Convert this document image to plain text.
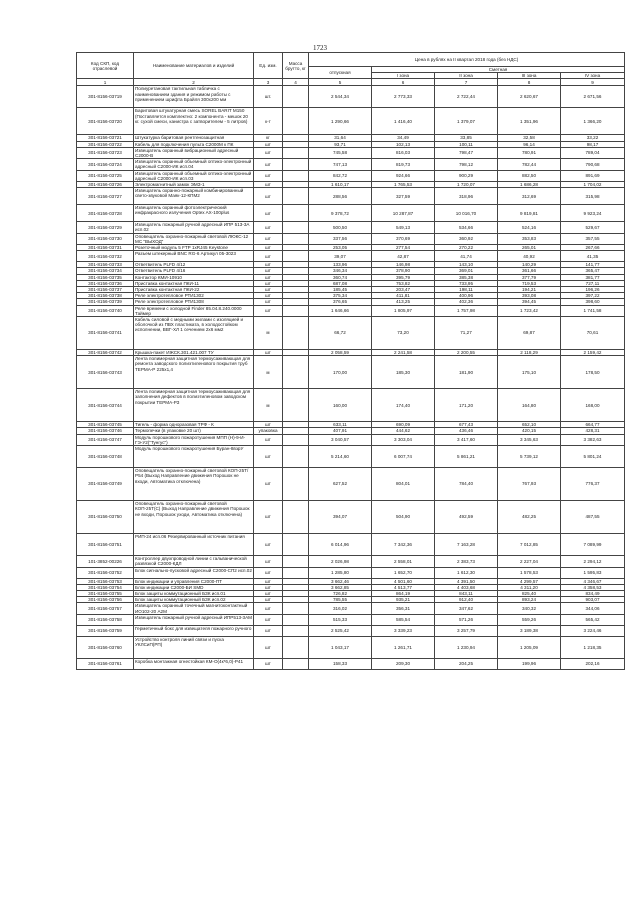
1723
Код СКП, код отраслевой	Наименование материалов и изделий	Ед. изм.	Масса брутто, кг	Цена в рублях на II квартал 2018 года (без НДС)				
				отпускная	Сметная			
					I зона	II зона	III зона	IV зона
1	2	3	4	5	6	7	8	9
301-8156-03719	Полиуретановая тактильная табличка с наименованием здания и режимом работы с применением шрифта Брайля 300х200 мм	шт.		2 544,34	2 773,33	2 722,44	2 620,67	2 671,56
301-8156-03720	Баритовая штукатурная смесь SOREL BARIT M150 (Поставляется комплектно: 2 компонента - мешок 20 кг. сухой смеси, канистра с затворителем - 5 литров)	к-т		1 290,66	1 416,40	1 379,07	1 351,96	1 366,20
301-8156-03721	Штукатурка баритовая рентгенозащитная	кг		31,64	34,49	33,85	32,58	33,22
301-8156-03722	Кабель для подключения пульта С2000М к ПК	шт		93,71	102,13	100,11	96,14	98,17
301-8156-03723	Извещатель охранный вибрационный адресный С2000-В	шт		745,58	816,03	798,47	780,91	789,04
301-8156-03724	Извещатель охранный объемный оптико-электронный адресный С2000-ИК исп.04	шт		747,13	819,73	798,12	782,44	790,68
301-8156-03725	Извещатель охранный объемный оптико-электронный адресный С2000-ИК исп.03	шт		842,72	924,66	900,29	882,50	891,69
301-8156-03726	Электромагнитный замок ЭМЗ-1	шт		1 610,17	1 765,53	1 720,07	1 686,28	1 704,02
301-8156-03727	Извещатель охранно-пожарный комбинированный свето-звуковой Маяк-12-КПМ2	шт		288,56	327,59	318,96	312,69	315,98
301-8156-03728	Извещатель охранный фотоэлектрический инфракрасного излучения Optex AX-100plus	шт		9 378,72	10 287,87	10 016,70	9 819,81	9 923,24
301-8156-03729	Извещатель пожарный ручной адресный ИПР 513-3А исп.02	шт		500,50	549,13	534,66	524,16	529,67
301-8156-03730	Оповещатель охранно-пожарный световой ЛЮКС-12 МС "ВЫХОД"	шт		337,56	370,69	360,92	353,83	357,55
301-8156-03731	Розеточный модуль 5 FTP 1xRJ45 Keystone	шт		253,05	277,54	270,22	265,01	267,66
301-8156-03732	Разъем штекерный BNC RG-6 Артикул 05-3023	шт		39,07	42,87	41,74	40,92	41,35
301-8156-03733	Ответвитель PLFD 4/12	шт		133,96	146,98	143,10	140,29	141,77
301-8156-03734	Ответвитель PLFD 4/16	шт		346,34	378,90	369,01	361,66	365,47
301-8156-03735	Контактор КМИ-10910	шт		360,74	395,79	385,38	377,79	381,77
301-8156-03736	Приставка контактная ПКИ-11	шт		687,08	753,82	733,95	719,53	727,11
301-8156-03737	Приставка контактная ПКИ-22	шт		185,45	203,47	198,11	194,21	196,26
301-8156-03738	Реле электротепловое РТИ1302	шт		375,34	411,81	400,96	393,08	397,22
301-8156-03739	Реле электротепловое РТИ1308	шт		376,65	413,25	402,36	394,45	398,60
301-8156-03740	Реле времени с холодной Finder 85.04.8.240.0000 Таймер	шт		1 646,66	1 805,97	1 757,98	1 723,42	1 741,58
301-8156-03741	Кабель силовой с медными жилами с изоляцией и оболочкой из ПВХ пластиката, в холодостойком исполнении, ВВГ-ХЛ 1 сечением 2х6 мм2	м		66,72	73,20	71,27	69,87	70,61
301-8156-03742	Крышка-пакет ИЖСК.301.421.007 ТУ	шт		2 058,59	2 241,58	2 200,55	2 118,29	2 159,42
301-8156-03743	Лента полимерная защитная термоусаживающая для ремонта заводского полиэтиленового покрытия труб ТЕРМА-Р 225х1,4	м		170,00	185,30	181,90	175,10	178,50
301-8156-03744	Лента полимерная защитная термоусаживающая для заполнения дефектов в полиэтиленовом заводском покрытии ТЕРМА-РЗ	м		160,00	174,40	171,20	164,80	168,00
301-8156-03745	Тигель - форма одноразовая ТРФ - К	шт		633,11	690,09	677,43	652,10	664,77
301-8156-03746	Термопечки (в упаковке 20 шт)	упаковка		407,91	444,62	436,46	420,15	428,31
301-8156-03747	Модуль порошкового пожаротушения МПП (Н)-9-И-ГЭ-У2("Тунгус")	шт		3 040,57	3 303,04	3 417,60	3 345,63	3 382,63
301-8156-03748	Модуль порошкового пожаротушения Буран-8взрУ	шт		5 214,60	6 007,74	5 861,21	5 739,12	5 801,24
301-8156-03749	Оповещатель охранно-пожарный световой КОП-25Т/Р54 (Выход Направление движения Порошок не входи, Автоматика отключена)	шт		627,52	804,01	784,40	767,93	776,37
301-8156-03750	Оповещатель охранно-пожарный световой КОП-25Т(С) (Выход Направление движения Порошок не входи, Порошок уходи, Автоматика отключена)	шт		394,07	504,90	492,59	482,25	487,55
301-8156-03751	РИП-24 исп.06 Резервированный источник питания	шт		6 014,96	7 342,36	7 163,28	7 012,85	7 089,99
101-3852-00226	Контроллер двухпроводной линии с гальванической развязкой С2000-КДЛ	шт		2 026,98	2 558,01	2 383,73	2 227,04	2 294,12
301-8156-03752	Блок сигнально-пусковой адресный С2000-СП2 исп.02	шт		1 285,80	1 652,70	1 612,30	1 578,53	1 595,83
301-8156-03753	Блок индикации и управления С2000-ПТ	шт		3 662,46	4 501,60	4 391,50	4 299,57	4 346,67
301-8156-03754	Блок индикации С2000-БИ SMD	шт		3 662,85	4 513,77	4 403,68	4 311,20	4 358,53
301-8156-03755	Блок защиты коммутационный БЗК исп.01	шт		726,82	864,19	843,11	825,40	834,49
301-8156-03756	Блок защиты коммутационный БЗК исп.02	шт		785,55	935,21	912,40	893,24	903,07
301-8156-03757	Извещатель охранный точечный магнитоконтактный ИО102-20 А2М	шт		316,02	356,31	347,62	340,32	344,06
301-8156-03758	Извещатель пожарный ручной адресный ИПР513-3АМ	шт		515,33	585,54	571,26	559,26	565,42
301-8156-03759	Герметичный бокс для извещателя пожарного ручного	шт		2 525,42	3 339,23	3 257,79	3 189,38	3 224,46
301-8156-03760	Устройство контроля линий связи и пуска УКЛСиП(РП)	шт		1 043,17	1 261,71	1 230,94	1 205,09	1 218,35
301-8156-03761	Коробка монтажная огнестойкая КМ-О(4к*6,0)-Р41	шт		158,33	209,30	204,25	199,96	202,16
